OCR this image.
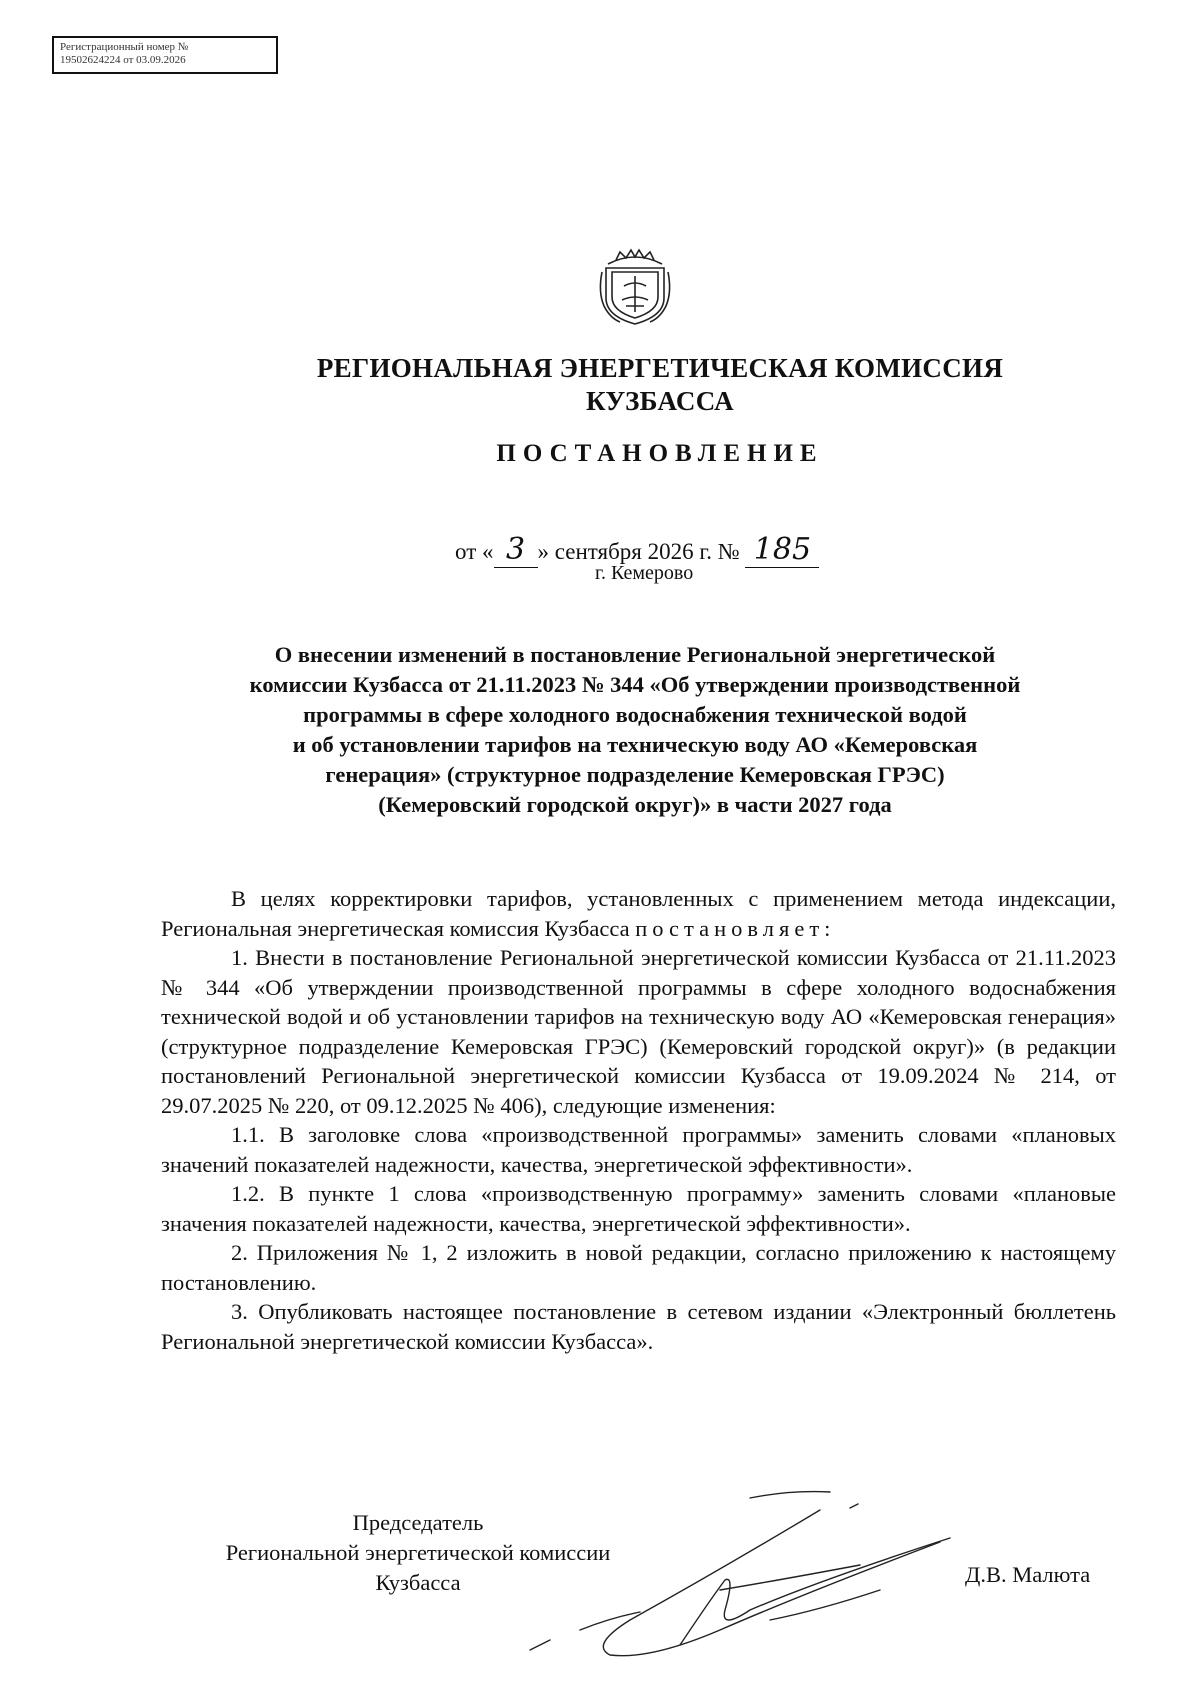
Регистрационный номер №
19502624224 от 03.09.2026
РЕГИОНАЛЬНАЯ ЭНЕРГЕТИЧЕСКАЯ КОМИССИЯ
КУЗБАССА
ПОСТАНОВЛЕНИЕ
от « 3 » сентября 2026 г. № 185
г. Кемерово
О внесении изменений в постановление Региональной энергетической
комиссии Кузбасса от 21.11.2023 № 344 «Об утверждении производственной
программы в сфере холодного водоснабжения технической водой
и об установлении тарифов на техническую воду АО «Кемеровская
генерация» (структурное подразделение Кемеровская ГРЭС)
(Кемеровский городской округ)» в части 2027 года

В целях корректировки тарифов, установленных с применением метода индексации, Региональная энергетическая комиссия Кузбасса постановляет:

1. Внести в постановление Региональной энергетической комиссии Кузбасса от 21.11.2023 № 344 «Об утверждении производственной программы в сфере холодного водоснабжения технической водой и об установлении тарифов на техническую воду АО «Кемеровская генерация» (структурное подразделение Кемеровская ГРЭС) (Кемеровский городской округ)» (в редакции постановлений Региональной энергетической комиссии Кузбасса от 19.09.2024 № 214, от 29.07.2025 № 220, от 09.12.2025 № 406), следующие изменения:

1.1. В заголовке слова «производственной программы» заменить словами «плановых значений показателей надежности, качества, энергетической эффективности».

1.2. В пункте 1 слова «производственную программу» заменить словами «плановые значения показателей надежности, качества, энергетической эффективности».

2. Приложения № 1, 2 изложить в новой редакции, согласно приложению к настоящему постановлению.

3. Опубликовать настоящее постановление в сетевом издании «Электронный бюллетень Региональной энергетической комиссии Кузбасса».

Председатель
Региональной энергетической комиссии
Кузбасса	Д.В. Малюта
